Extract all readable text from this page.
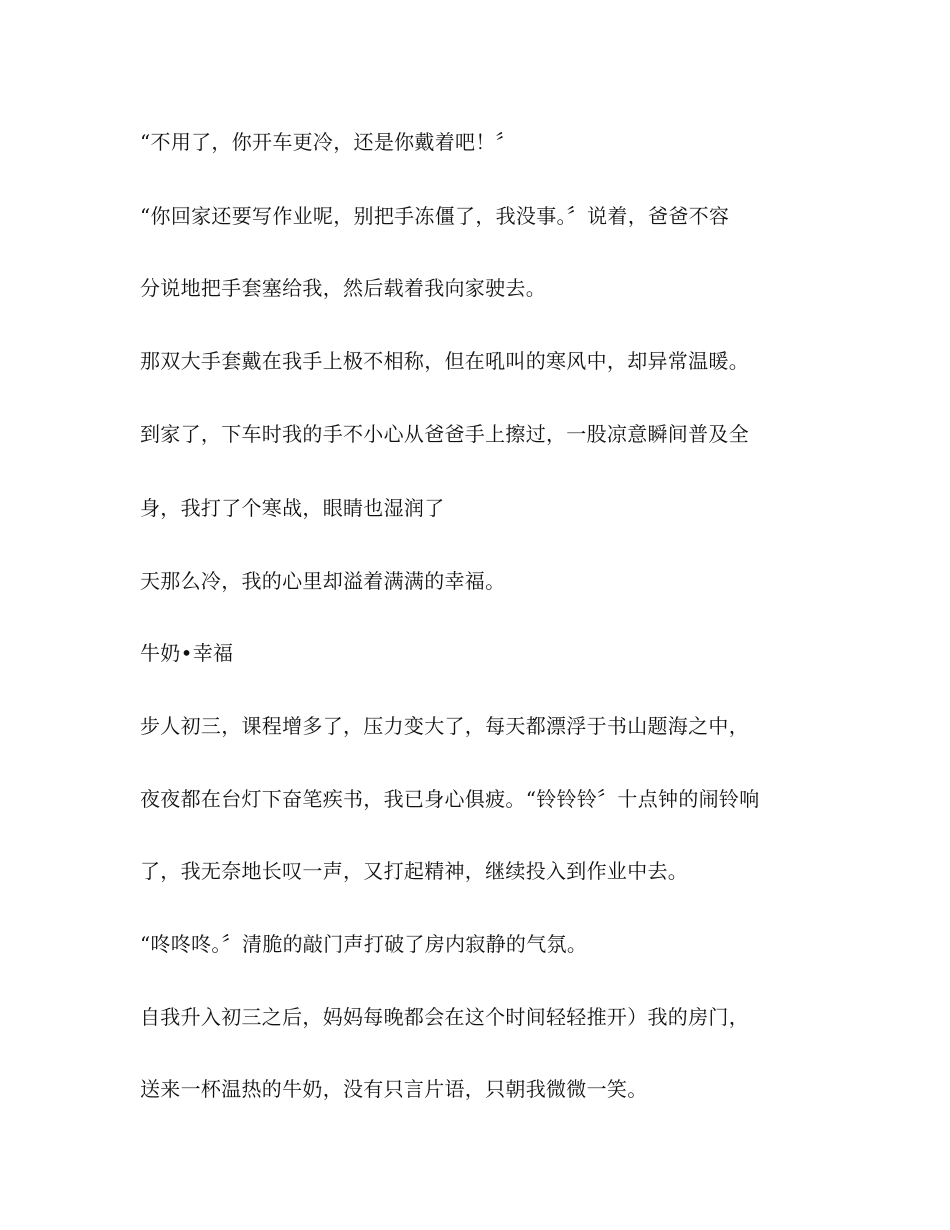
“不用了，你开车更冷，还是你戴着吧！〞

“你回家还要写作业呢，别把手冻僵了，我没事。〞说着，爸爸不容

分说地把手套塞给我，然后载着我向家驶去。

那双大手套戴在我手上极不相称，但在吼叫的寒风中，却异常温暖。

到家了，下车时我的手不小心从爸爸手上擦过，一股凉意瞬间普及全

身，我打了个寒战，眼睛也湿润了

天那么冷，我的心里却溢着满满的幸福。

牛奶•幸福

步人初三，课程增多了，压力变大了，每天都漂浮于书山题海之中，

夜夜都在台灯下奋笔疾书，我已身心俱疲。“铃铃铃〞十点钟的闹铃响

了，我无奈地长叹一声，又打起精神，继续投入到作业中去。

“咚咚咚。〞清脆的敲门声打破了房内寂静的气氛。

自我升入初三之后，妈妈每晚都会在这个时间轻轻推开）我的房门，

送来一杯温热的牛奶，没有只言片语，只朝我微微一笑。
